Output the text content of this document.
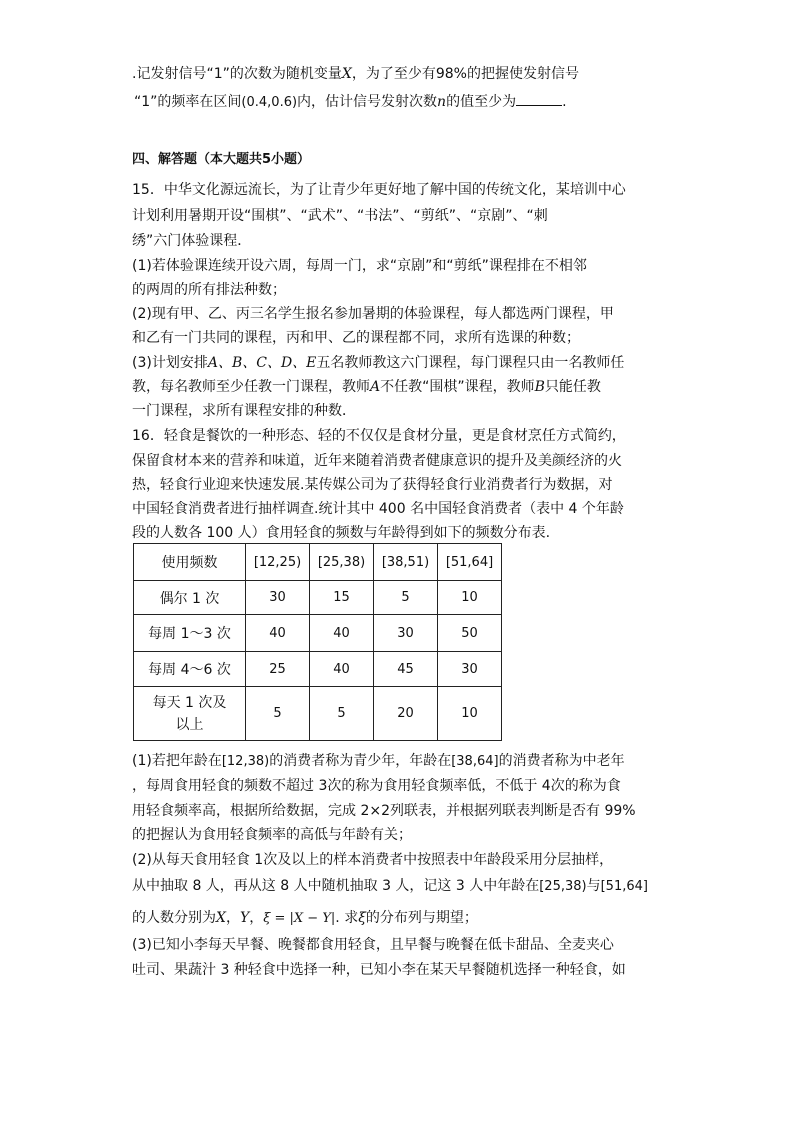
.记发射信号“1”的次数为随机变量X，为了至少有98%的把握使发射信号
“1”的频率在区间(0.4,0.6)内，估计信号发射次数n的值至少为	.
四、解答题（本大题共5小题）
15．中华文化源远流长，为了让青少年更好地了解中国的传统文化，某培训中心
计划利用暑期开设“围棋”、“武术”、“书法”、“剪纸”、“京剧”、“刺
绣”六门体验课程．
(1)若体验课连续开设六周，每周一门，求“京剧”和“剪纸”课程排在不相邻
的两周的所有排法种数；
(2)现有甲、乙、丙三名学生报名参加暑期的体验课程，每人都选两门课程，甲
和乙有一门共同的课程，丙和甲、乙的课程都不同，求所有选课的种数；
(3)计划安排A、B、C、D、E五名教师教这六门课程，每门课程只由一名教师任
教，每名教师至少任教一门课程，教师A不任教“围棋”课程，教师B只能任教
一门课程，求所有课程安排的种数．
16．轻食是餐饮的一种形态、轻的不仅仅是食材分量，更是食材烹任方式简约，
保留食材本来的营养和味道，近年来随着消费者健康意识的提升及美颜经济的火
热，轻食行业迎来快速发展.某传媒公司为了获得轻食行业消费者行为数据，对
中国轻食消费者进行抽样调查.统计其中 400 名中国轻食消费者（表中 4 个年龄
段的人数各 100 人）食用轻食的频数与年龄得到如下的频数分布表.
使用频数	[12,25)	[25,38)	[38,51)	[51,64]
偶尔 1 次	30	15	5	10
每周 1～3 次	40	40	30	50
每周 4～6 次	25	40	45	30
每天 1 次及以上	5	5	20	10
(1)若把年龄在[12,38)的消费者称为青少年，年龄在[38,64]的消费者称为中老年
，每周食用轻食的频数不超过 3次的称为食用轻食频率低，不低于 4次的称为食
用轻食频率高，根据所给数据，完成 2×2列联表，并根据列联表判断是否有 99%
的把握认为食用轻食频率的高低与年龄有关；
(2)从每天食用轻食 1次及以上的样本消费者中按照表中年龄段采用分层抽样，
从中抽取 8 人，再从这 8 人中随机抽取 3 人，记这 3 人中年龄在[25,38)与[51,64]
的人数分别为X，Y，ξ = |X − Y|. 求ξ的分布列与期望；
(3)已知小李每天早餐、晚餐都食用轻食，且早餐与晚餐在低卡甜品、全麦夹心
吐司、果蔬汁 3 种轻食中选择一种，已知小李在某天早餐随机选择一种轻食，如
